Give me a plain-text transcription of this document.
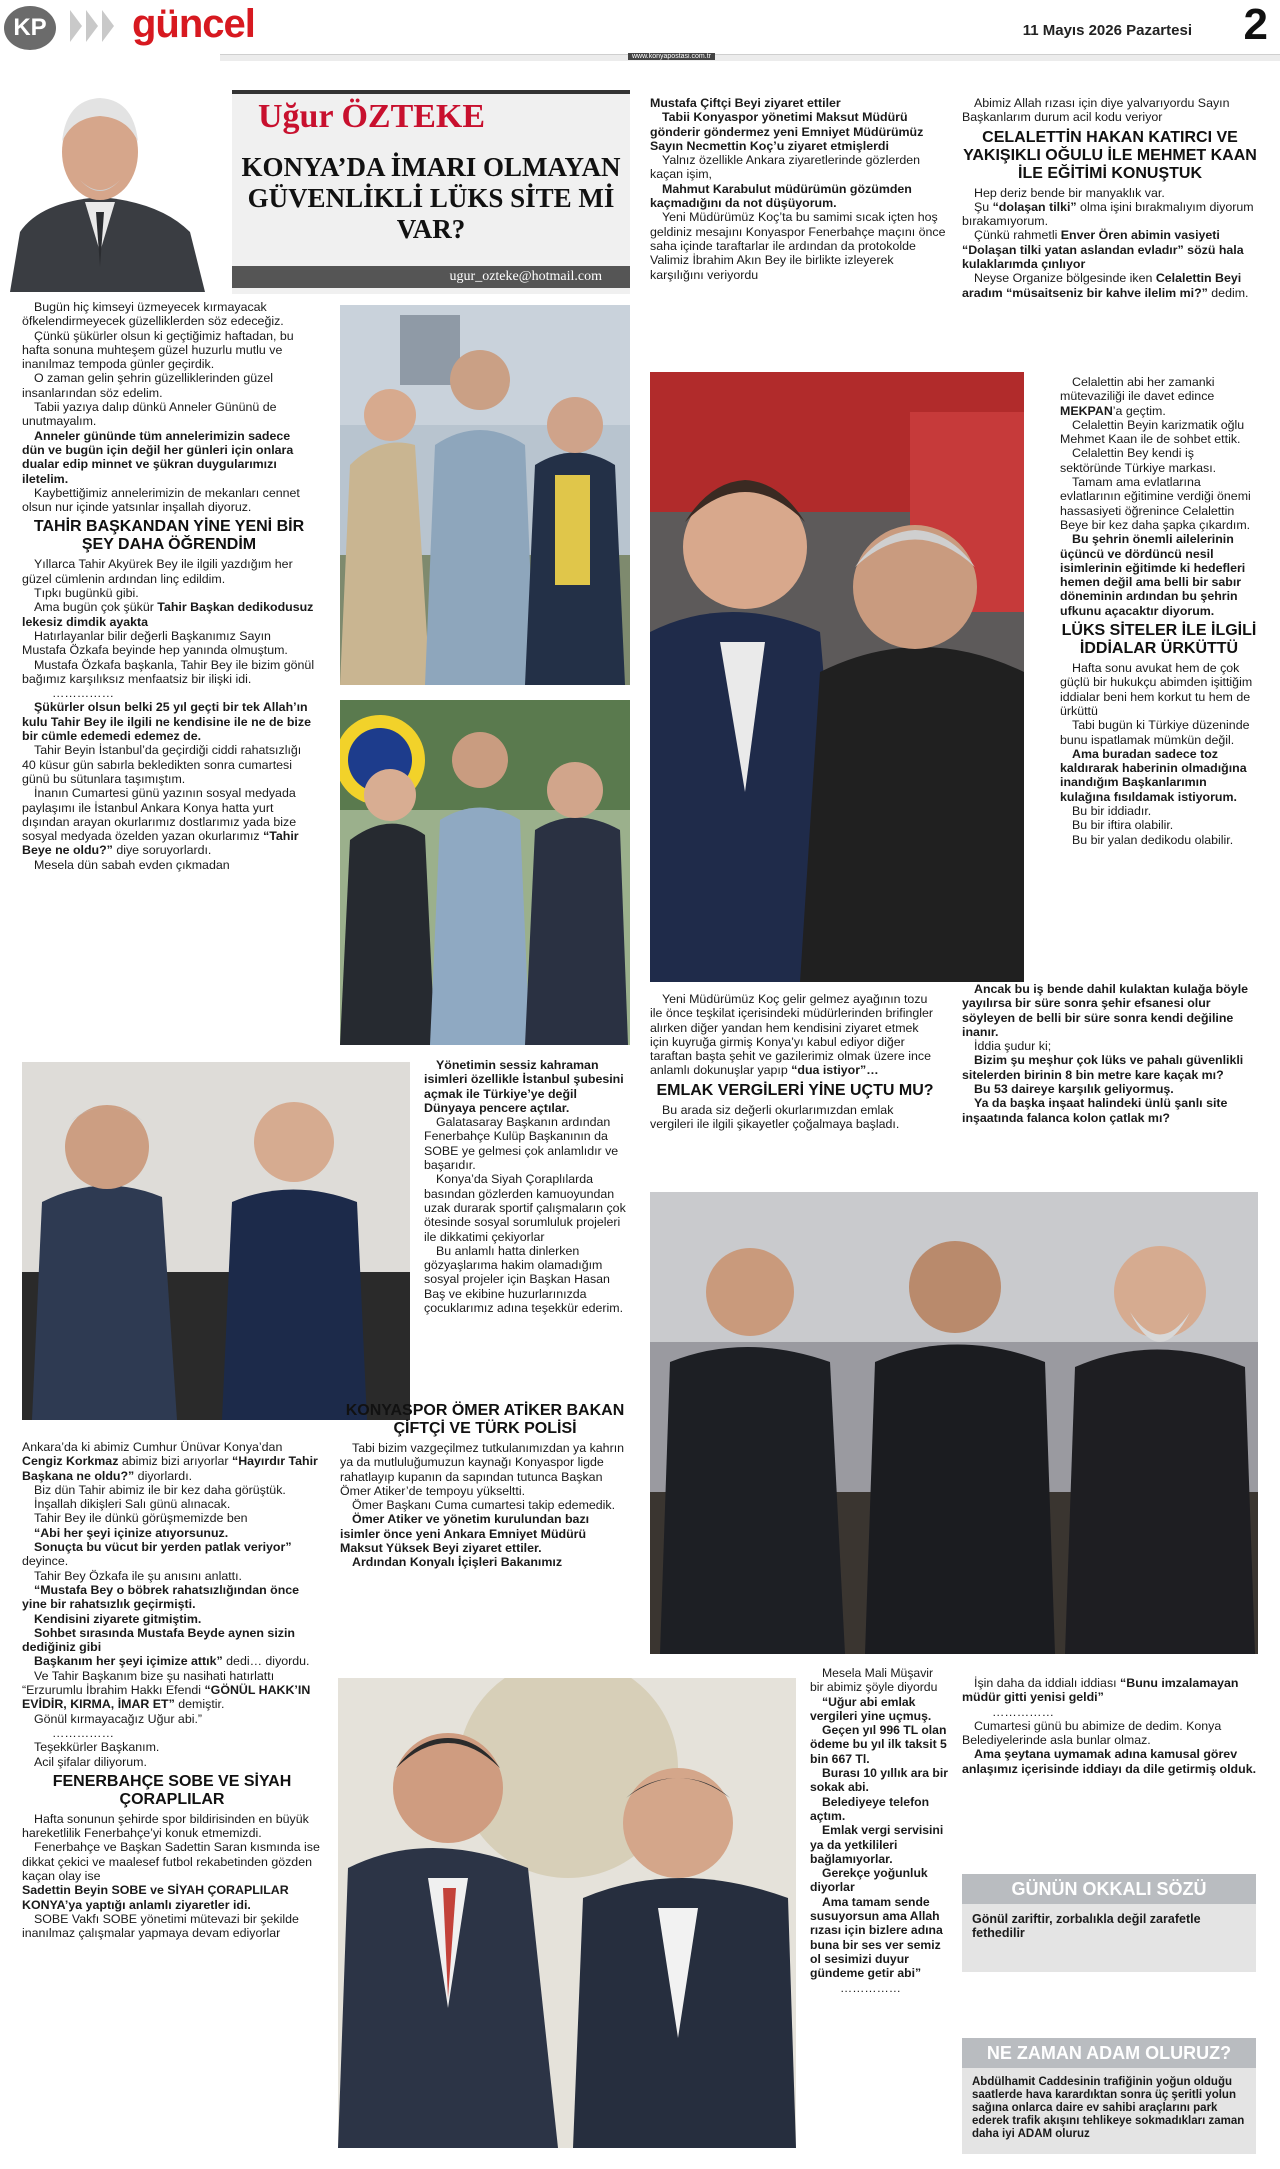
KP güncel	11 Mayıs 2026 Pazartesi 2
www.konyapostasi.com.tr
Uğur ÖZTEKE
KONYA’DA İMARI OLMAYAN GÜVENLİKLİ LÜKS SİTE Mİ VAR?
ugur_ozteke@hotmail.com

Bugün hiç kimseyi üzmeyecek kırmayacak öfkelendirmeyecek güzelliklerden söz edeceğiz.

Çünkü şükürler olsun ki geçtiğimiz haftadan, bu hafta sonuna muhteşem güzel huzurlu mutlu ve inanılmaz tempoda günler geçirdik.

O zaman gelin şehrin güzelliklerinden güzel insanlarından söz edelim.

Tabii yazıya dalıp dünkü Anneler Gününü de unutmayalım.

Anneler gününde tüm annelerimizin sadece dün ve bugün için değil her günleri için onlara dualar edip minnet ve şükran duygularımızı iletelim.

Kaybettiğimiz annelerimizin de mekanları cennet olsun nur içinde yatsınlar inşallah diyoruz.

TAHİR BAŞKANDAN YİNE YENİ BİR ŞEY DAHA ÖĞRENDİM

Yıllarca Tahir Akyürek Bey ile ilgili yazdığım her güzel cümlenin ardından linç edildim.

Tıpkı bugünkü gibi.

Ama bugün çok şükür Tahir Başkan dedikodusuz lekesiz dimdik ayakta

Hatırlayanlar bilir değerli Başkanımız Sayın Mustafa Özkafa beyinde hep yanında olmuştum.

Mustafa Özkafa başkanla, Tahir Bey ile bizim gönül bağımız karşılıksız menfaatsiz bir ilişki idi.

……………

Şükürler olsun belki 25 yıl geçti bir tek Allah’ın kulu Tahir Bey ile ilgili ne kendisine ile ne de bize bir cümle edemedi edemez de.

Tahir Beyin İstanbul’da geçirdiği ciddi rahatsızlığı 40 küsur gün sabırla bekledikten sonra cumartesi günü bu sütunlara taşımıştım.

İnanın Cumartesi günü yazının sosyal medyada paylaşımı ile İstanbul Ankara Konya hatta yurt dışından arayan okurlarımız dostlarımız yada bize sosyal medyada özelden yazan okurlarımız “Tahir Beye ne oldu?” diye soruyorlardı.

Mesela dün sabah evden çıkmadan

Ankara’da ki abimiz Cumhur Ünüvar Konya’dan Cengiz Korkmaz abimiz bizi arıyorlar “Hayırdır Tahir Başkana ne oldu?” diyorlardı.

Biz dün Tahir abimiz ile bir kez daha görüştük.

İnşallah dikişleri Salı günü alınacak.

Tahir Bey ile dünkü görüşmemizde ben

“Abi her şeyi içinize atıyorsunuz.

Sonuçta bu vücut bir yerden patlak veriyor” deyince.

Tahir Bey Özkafa ile şu anısını anlattı.

“Mustafa Bey o böbrek rahatsızlığından önce yine bir rahatsızlık geçirmişti.

Kendisini ziyarete gitmiştim.

Sohbet sırasında Mustafa Beyde aynen sizin dediğiniz gibi

Başkanım her şeyi içimize attık” dedi… diyordu.

Ve Tahir Başkanım bize şu nasihati hatırlattı “Erzurumlu İbrahim Hakkı Efendi “GÖNÜL HAKK’IN EVİDİR, KIRMA, İMAR ET” demiştir.

Gönül kırmayacağız Uğur abi.”

……………

Teşekkürler Başkanım.

Acil şifalar diliyorum.

FENERBAHÇE SOBE VE SİYAH ÇORAPLILAR

Hafta sonunun şehirde spor bildirisinden en büyük hareketlilik Fenerbahçe’yi konuk etmemizdi.

Fenerbahçe ve Başkan Sadettin Saran kısmında ise dikkat çekici ve maalesef futbol rekabetinden gözden kaçan olay ise

Sadettin Beyin SOBE ve SİYAH ÇORAPLILAR KONYA’ya yaptığı anlamlı ziyaretler idi.

SOBE Vakfı SOBE yönetimi mütevazi bir şekilde inanılmaz çalışmalar yapmaya devam ediyorlar

Yönetimin sessiz kahraman isimleri özellikle İstanbul şubesini açmak ile Türkiye’ye değil Dünyaya pencere açtılar.

Galatasaray Başkanın ardından Fenerbahçe Kulüp Başkanının da SOBE ye gelmesi çok anlamlıdır ve başarıdır.

Konya’da Siyah Çoraplılarda basından gözlerden kamuoyundan uzak durarak sportif çalışmaların çok ötesinde sosyal sorumluluk projeleri ile dikkatimi çekiyorlar

Bu anlamlı hatta dinlerken gözyaşlarıma hakim olamadığım sosyal projeler için Başkan Hasan Baş ve ekibine huzurlarınızda çocuklarımız adına teşekkür ederim.

KONYASPOR ÖMER ATİKER BAKAN ÇİFTÇİ VE TÜRK POLİSİ

Tabi bizim vazgeçilmez tutkulanımızdan ya kahrın ya da mutluluğumuzun kaynağı Konyaspor ligde rahatlayıp kupanın da sapından tutunca Başkan Ömer Atiker’de tempoyu yükseltti.

Ömer Başkanı Cuma cumartesi takip edemedik.

Ömer Atiker ve yönetim kurulundan bazı isimler önce yeni Ankara Emniyet Müdürü Maksut Yüksek Beyi ziyaret ettiler.

Ardından Konyalı İçişleri Bakanımız

Mustafa Çiftçi Beyi ziyaret ettiler

Tabii Konyaspor yönetimi Maksut Müdürü gönderir göndermez yeni Emniyet Müdürümüz Sayın Necmettin Koç’u ziyaret etmişlerdi

Yalnız özellikle Ankara ziyaretlerinde gözlerden kaçan işim,

Mahmut Karabulut müdürümün gözümden kaçmadığını da not düşüyorum.

Yeni Müdürümüz Koç’ta bu samimi sıcak içten hoş geldiniz mesajını Konyaspor Fenerbahçe maçını önce saha içinde taraftarlar ile ardından da protokolde Valimiz İbrahim Akın Bey ile birlikte izleyerek karşılığını veriyordu

Yeni Müdürümüz Koç gelir gelmez ayağının tozu ile önce teşkilat içerisindeki müdürlerinden brifingler alırken diğer yandan hem kendisini ziyaret etmek için kuyruğa girmiş Konya’yı kabul ediyor diğer taraftan başta şehit ve gazilerimiz olmak üzere ince anlamlı dokunuşlar yapıp “dua istiyor”…

EMLAK VERGİLERİ YİNE UÇTU MU?

Bu arada siz değerli okurlarımızdan emlak vergileri ile ilgili şikayetler çoğalmaya başladı.

Mesela Mali Müşavir bir abimiz şöyle diyordu

“Uğur abi emlak vergileri yine uçmuş.

Geçen yıl 996 TL olan ödeme bu yıl ilk taksit 5 bin 667 Tl.

Burası 10 yıllık ara bir sokak abi.

Belediyeye telefon açtım.

Emlak vergi servisini ya da yetkilileri bağlamıyorlar.

Gerekçe yoğunluk diyorlar

Ama tamam sende susuyorsun ama Allah rızası için bizlere adına buna bir ses ver semiz ol sesimizi duyur gündeme getir abi”

……………

Abimiz Allah rızası için diye yalvarıyordu Sayın Başkanlarım durum acil kodu veriyor

CELALETTİN HAKAN KATIRCI VE YAKIŞIKLI OĞULU İLE MEHMET KAAN İLE EĞİTİMİ KONUŞTUK

Hep deriz bende bir manyaklık var.

Şu “dolaşan tilki” olma işini bırakmalıyım diyorum bırakamıyorum.

Çünkü rahmetli Enver Ören abimin vasiyeti “Dolaşan tilki yatan aslandan evladır” sözü hala kulaklarımda çınlıyor

Neyse Organize bölgesinde iken Celalettin Beyi aradım “müsaitseniz bir kahve ilelim mi?” dedim.

Celalettin abi her zamanki mütevaziliği ile davet edince MEKPAN’a geçtim.

Celalettin Beyin karizmatik oğlu Mehmet Kaan ile de sohbet ettik.

Celalettin Bey kendi iş sektöründe Türkiye markası.

Tamam ama evlatlarına evlatlarının eğitimine verdiği önemi hassasiyeti öğrenince Celalettin Beye bir kez daha şapka çıkardım.

Bu şehrin önemli ailelerinin üçüncü ve dördüncü nesil isimlerinin eğitimde ki hedefleri hemen değil ama belli bir sabır döneminin ardından bu şehrin ufkunu açacaktır diyorum.

LÜKS SİTELER İLE İLGİLİ İDDİALAR ÜRKÜTTÜ

Hafta sonu avukat hem de çok güçlü bir hukukçu abimden işittiğim iddialar beni hem korkut tu hem de ürküttü

Tabi bugün ki Türkiye düzeninde bunu ispatlamak mümkün değil.

Ama buradan sadece toz kaldırarak haberinin olmadığına inandığım Başkanlarımın kulağına fısıldamak istiyorum.

Bu bir iddiadır.

Bu bir iftira olabilir.

Bu bir yalan dedikodu olabilir.

Ancak bu iş bende dahil kulaktan kulağa böyle yayılırsa bir süre sonra şehir efsanesi olur söyleyen de belli bir süre sonra kendi değiline inanır.

İddia şudur ki;

Bizim şu meşhur çok lüks ve pahalı güvenlikli sitelerden birinin 8 bin metre kare kaçak mı?

Bu 53 daireye karşılık geliyormuş.

Ya da başka inşaat halindeki ünlü şanlı site inşaatında falanca kolon çatlak mı?

İşin daha da iddialı iddiası “Bunu imzalamayan müdür gitti yenisi geldi”

……………

Cumartesi günü bu abimize de dedim. Konya Belediyelerinde asla bunlar olmaz.

Ama şeytana uymamak adına kamusal görev anlaşımız içerisinde iddiayı da dile getirmiş olduk.

GÜNÜN OKKALI SÖZÜ
Gönül zariftir, zorbalıkla değil zarafetle fethedilir
NE ZAMAN ADAM OLURUZ?
Abdülhamit Caddesinin trafiğinin yoğun olduğu saatlerde hava karardıktan sonra üç şeritli yolun sağına onlarca daire ev sahibi araçlarını park ederek trafik akışını tehlikeye sokmadıkları zaman daha iyi ADAM oluruz
